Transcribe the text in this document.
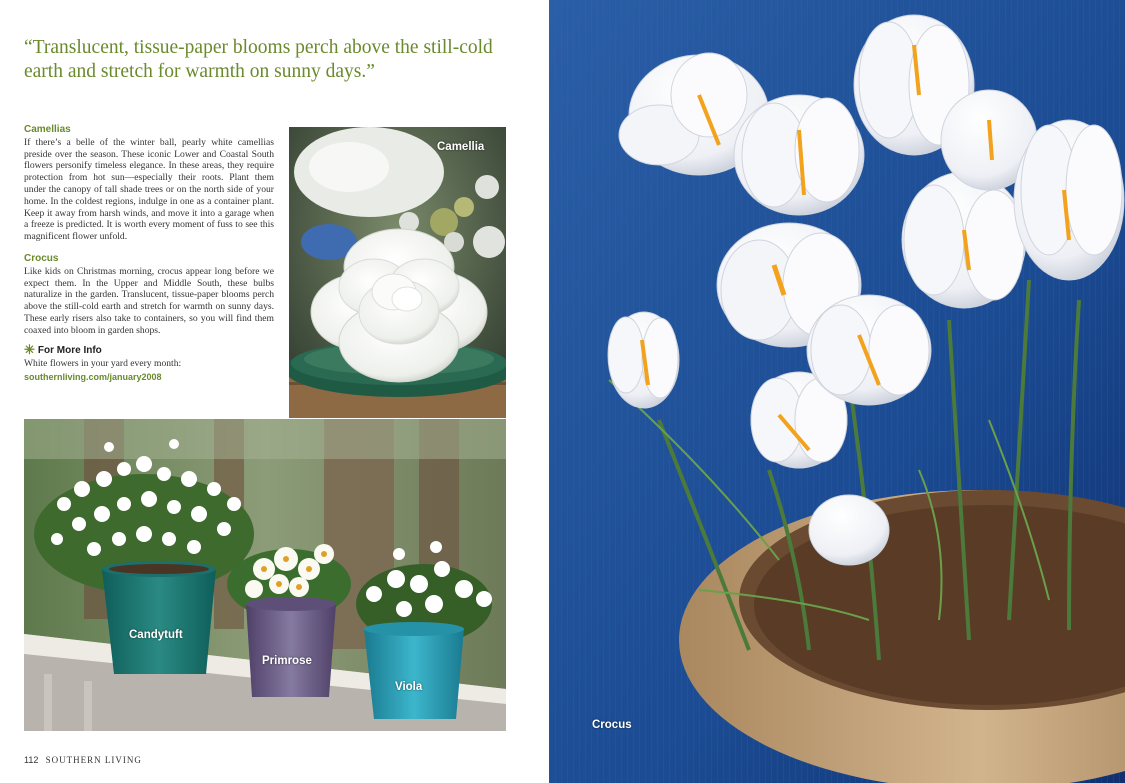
“Translucent, tissue-paper blooms perch above the still-cold earth and stretch for warmth on sunny days.”

Camellias

If there’s a belle of the winter ball, pearly white camellias preside over the season. These iconic Lower and Coastal South flowers personify timeless elegance. In these areas, they require protection from hot sun—especially their roots. Plant them under the canopy of tall shade trees or on the north side of your home. In the coldest regions, indulge in one as a container plant. Keep it away from harsh winds, and move it into a garage when a freeze is predicted. It is worth every moment of fuss to see this magnificent flower unfold.

Crocus

Like kids on Christmas morning, crocus appear long before we expect them. In the Upper and Middle South, these bulbs naturalize in the garden. Translucent, tissue-paper blooms perch above the still-cold earth and stretch for warmth on sunny days. These early risers also take to containers, so you will find them coaxed into bloom in garden shops.

✳ For More Info
White flowers in your yard every month:
southernliving.com/january2008
Camellia
Candytuft
Primrose
Viola
112 SOUTHERN LIVING
Crocus
